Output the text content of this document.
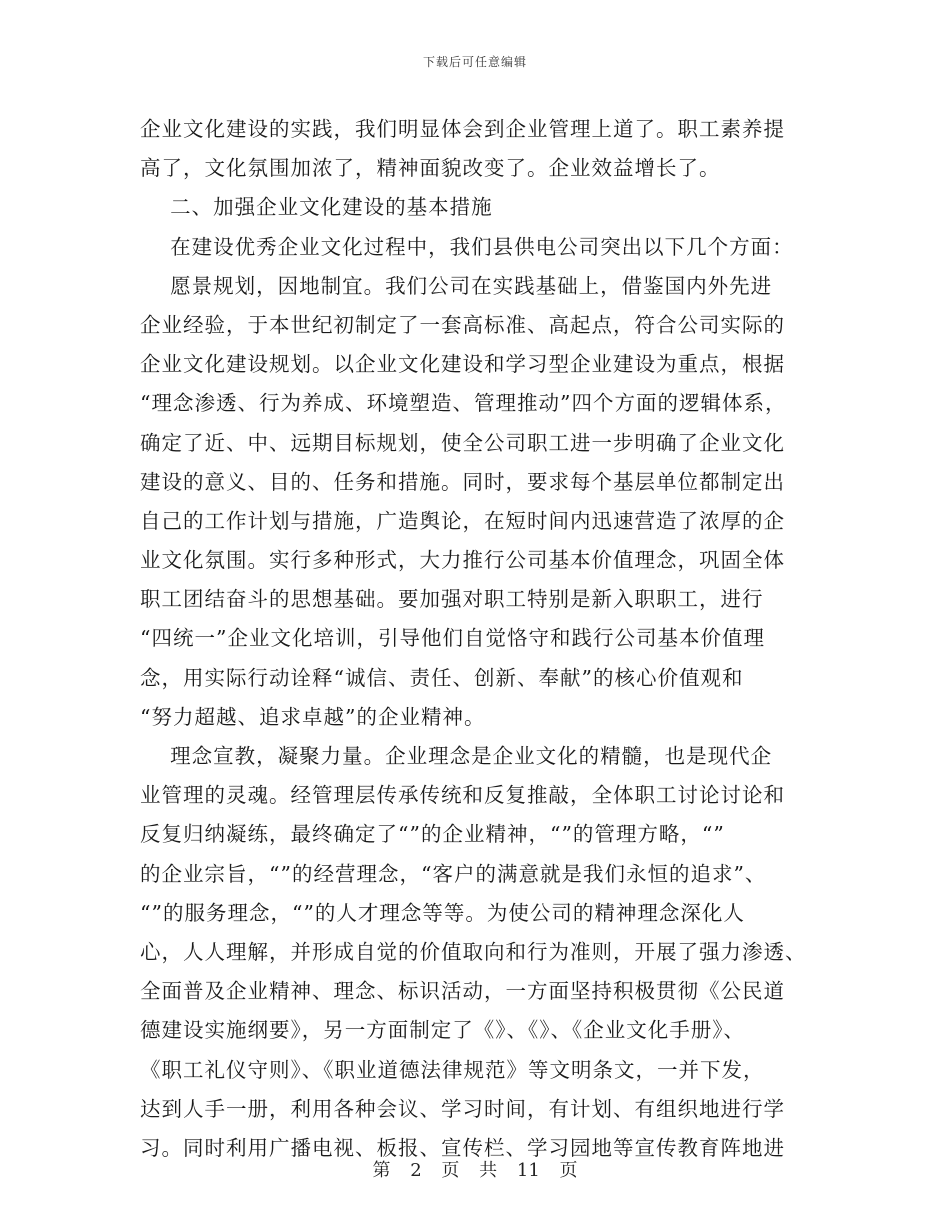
下载后可任意编辑
企业文化建设的实践，我们明显体会到企业管理上道了。职工素养提
高了，文化氛围加浓了，精神面貌改变了。企业效益增长了。
二、加强企业文化建设的基本措施
在建设优秀企业文化过程中，我们县供电公司突出以下几个方面：
愿景规划，因地制宜。我们公司在实践基础上，借鉴国内外先进
企业经验，于本世纪初制定了一套高标准、高起点，符合公司实际的
企业文化建设规划。以企业文化建设和学习型企业建设为重点，根据
“理念渗透、行为养成、环境塑造、管理推动”四个方面的逻辑体系，
确定了近、中、远期目标规划，使全公司职工进一步明确了企业文化
建设的意义、目的、任务和措施。同时，要求每个基层单位都制定出
自己的工作计划与措施，广造舆论，在短时间内迅速营造了浓厚的企
业文化氛围。实行多种形式，大力推行公司基本价值理念，巩固全体
职工团结奋斗的思想基础。要加强对职工特别是新入职职工，进行
“四统一”企业文化培训，引导他们自觉恪守和践行公司基本价值理
念，用实际行动诠释“诚信、责任、创新、奉献”的核心价值观和
“努力超越、追求卓越”的企业精神。
理念宣教，凝聚力量。企业理念是企业文化的精髓，也是现代企
业管理的灵魂。经管理层传承传统和反复推敲，全体职工讨论讨论和
反复归纳凝练，最终确定了“”的企业精神，“”的管理方略，“”
的企业宗旨，“”的经营理念，“客户的满意就是我们永恒的追求”、
“”的服务理念，“”的人才理念等等。为使公司的精神理念深化人
心，人人理解，并形成自觉的价值取向和行为准则，开展了强力渗透、
全面普及企业精神、理念、标识活动，一方面坚持积极贯彻《公民道
德建设实施纲要》，另一方面制定了《》、《》、《企业文化手册》、
《职工礼仪守则》、《职业道德法律规范》等文明条文，一并下发，
达到人手一册，利用各种会议、学习时间，有计划、有组织地进行学
习。同时利用广播电视、板报、宣传栏、学习园地等宣传教育阵地进
第 2 页 共 11 页
